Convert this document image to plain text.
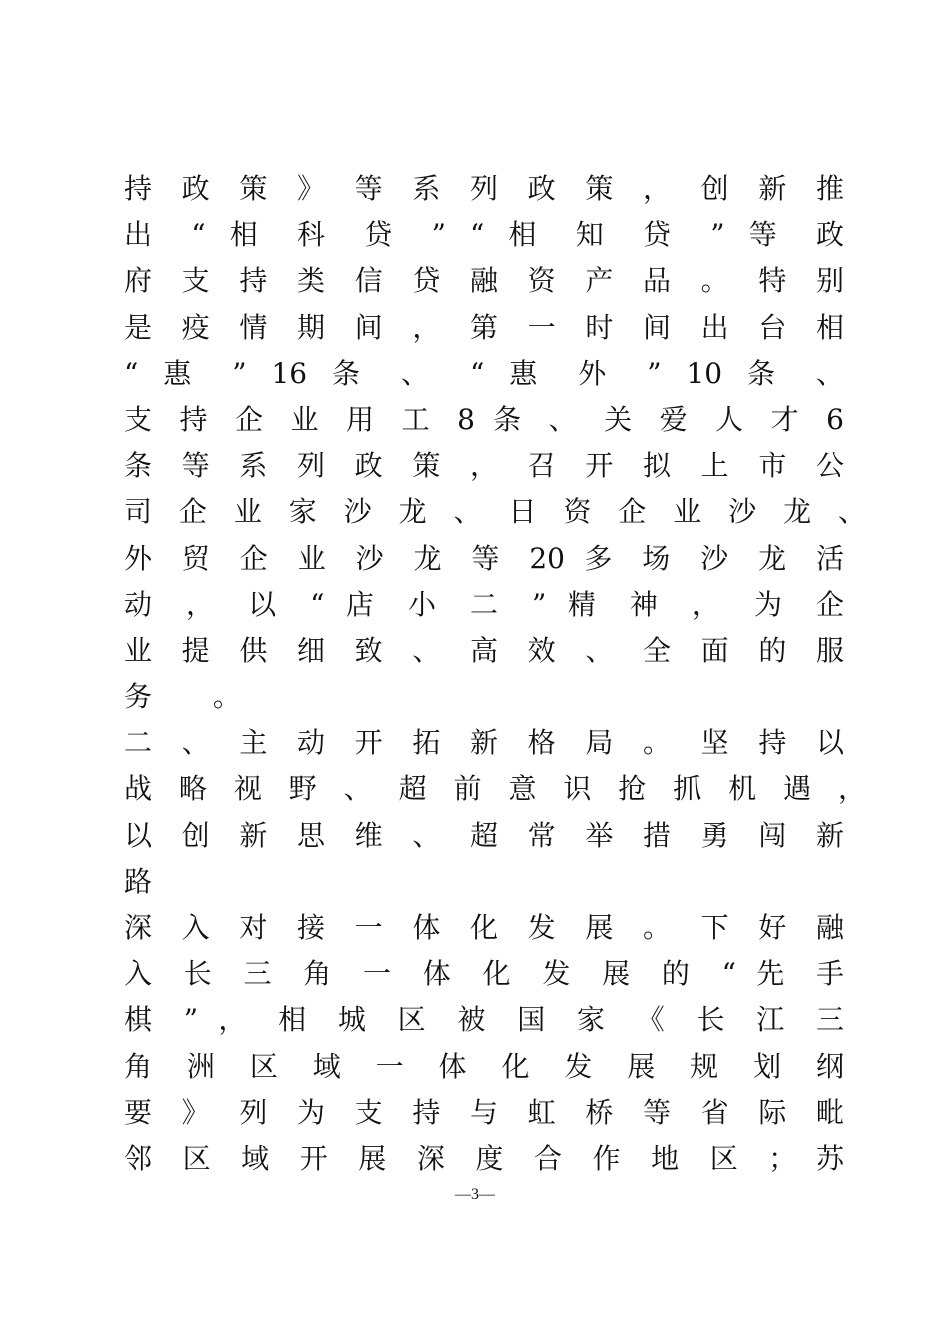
持 政 策 》 等 系 列 政 策 ， 创 新 推
出 “ 相 科 贷 ” “ 相 知 贷 ” 等 政
府 支 持 类 信 贷 融 资 产 品 。 特 别
是 疫 情 期 间 ， 第 一 时 间 出 台 相
“ 惠 ” 16 条 、 “ 惠 外 ” 10 条 、
支 持 企 业 用 工 8 条 、 关 爱 人 才 6
条 等 系 列 政 策 ， 召 开 拟 上 市 公
司 企 业 家 沙 龙 、 日 资 企 业 沙 龙 、
外 贸 企 业 沙 龙 等 20 多 场 沙 龙 活
动 ， 以 “ 店 小 二 ” 精 神 ， 为 企
业 提 供 细 致 、 高 效 、 全 面 的 服
务 。
二 、 主 动 开 拓 新 格 局 。 坚 持 以
战 略 视 野 、 超 前 意 识 抢 抓 机 遇 ，
以 创 新 思 维 、 超 常 举 措 勇 闯 新
路
深 入 对 接 一 体 化 发 展 。 下 好 融
入 长 三 角 一 体 化 发 展 的 “ 先 手
棋 ” ， 相 城 区 被 国 家 《 长 江 三
角 洲 区 域 一 体 化 发 展 规 划 纲
要 》 列 为 支 持 与 虹 桥 等 省 际 毗
邻 区 域 开 展 深 度 合 作 地 区 ； 苏
—3—
